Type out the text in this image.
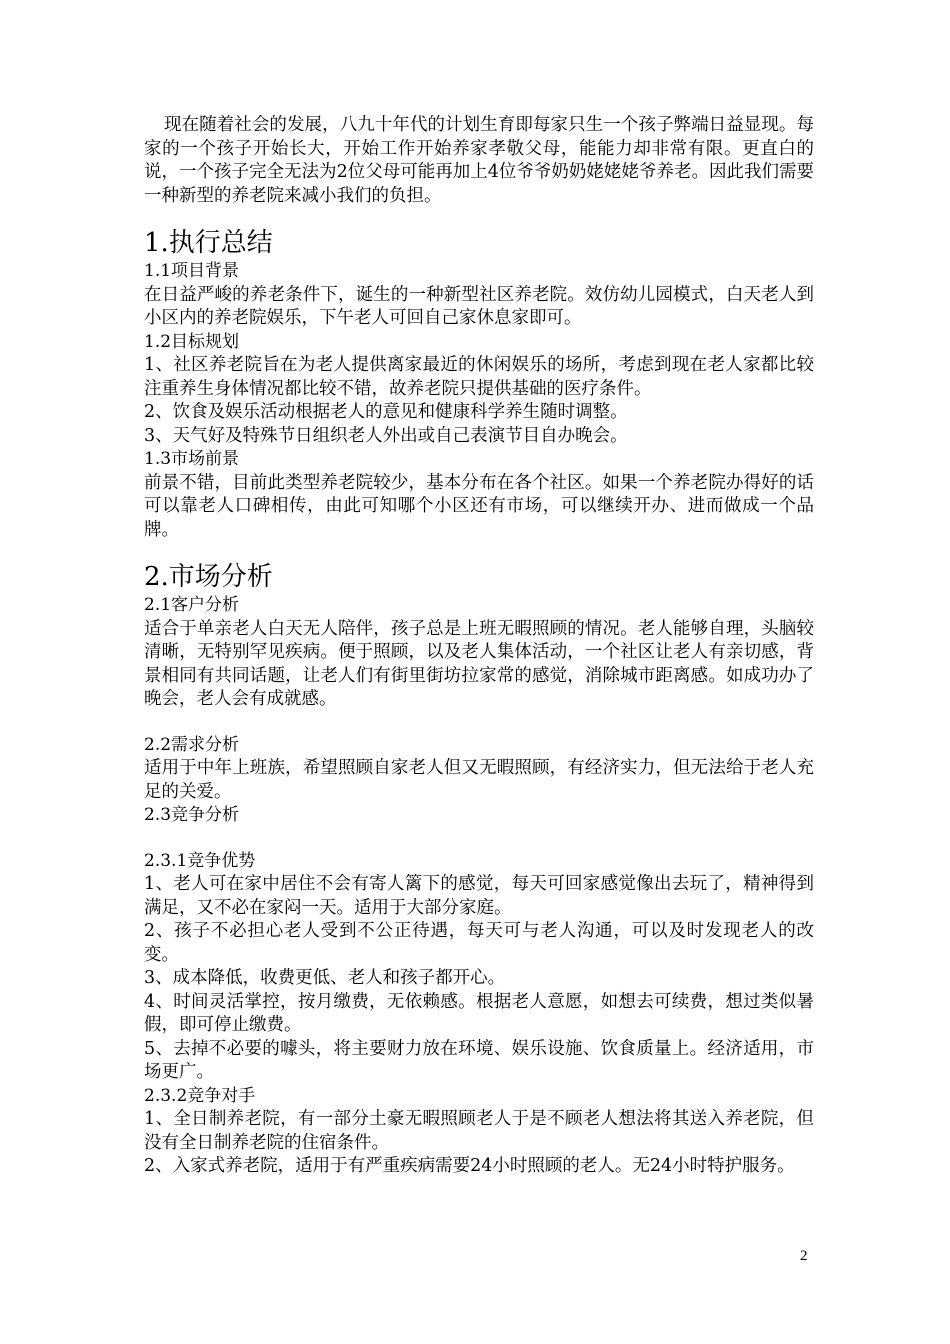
现在随着社会的发展，八九十年代的计划生育即每家只生一个孩子弊端日益显现。每家的一个孩子开始长大，开始工作开始养家孝敬父母，能能力却非常有限。更直白的说，一个孩子完全无法为2位父母可能再加上4位爷爷奶奶姥姥姥爷养老。因此我们需要一种新型的养老院来减小我们的负担。

1.执行总结

1.1项目背景

在日益严峻的养老条件下，诞生的一种新型社区养老院。效仿幼儿园模式，白天老人到小区内的养老院娱乐，下午老人可回自己家休息家即可。

1.2目标规划

1、社区养老院旨在为老人提供离家最近的休闲娱乐的场所，考虑到现在老人家都比较注重养生身体情况都比较不错，故养老院只提供基础的医疗条件。

2、饮食及娱乐活动根据老人的意见和健康科学养生随时调整。

3、天气好及特殊节日组织老人外出或自己表演节目自办晚会。

1.3市场前景

前景不错，目前此类型养老院较少，基本分布在各个社区。如果一个养老院办得好的话可以靠老人口碑相传，由此可知哪个小区还有市场，可以继续开办、进而做成一个品牌。

2.市场分析

2.1客户分析

适合于单亲老人白天无人陪伴，孩子总是上班无暇照顾的情况。老人能够自理，头脑较清晰，无特别罕见疾病。便于照顾，以及老人集体活动，一个社区让老人有亲切感，背景相同有共同话题，让老人们有街里街坊拉家常的感觉，消除城市距离感。如成功办了晚会，老人会有成就感。

2.2需求分析

适用于中年上班族，希望照顾自家老人但又无暇照顾，有经济实力，但无法给于老人充足的关爱。

2.3竞争分析

2.3.1竞争优势

1、老人可在家中居住不会有寄人篱下的感觉，每天可回家感觉像出去玩了，精神得到满足，又不必在家闷一天。适用于大部分家庭。

2、孩子不必担心老人受到不公正待遇，每天可与老人沟通，可以及时发现老人的改变。

3、成本降低，收费更低、老人和孩子都开心。

4、时间灵活掌控，按月缴费，无依赖感。根据老人意愿，如想去可续费，想过类似暑假，即可停止缴费。

5、去掉不必要的噱头，将主要财力放在环境、娱乐设施、饮食质量上。经济适用，市场更广。

2.3.2竞争对手

1、全日制养老院，有一部分土豪无暇照顾老人于是不顾老人想法将其送入养老院，但没有全日制养老院的住宿条件。

2、入家式养老院，适用于有严重疾病需要24小时照顾的老人。无24小时特护服务。

2
